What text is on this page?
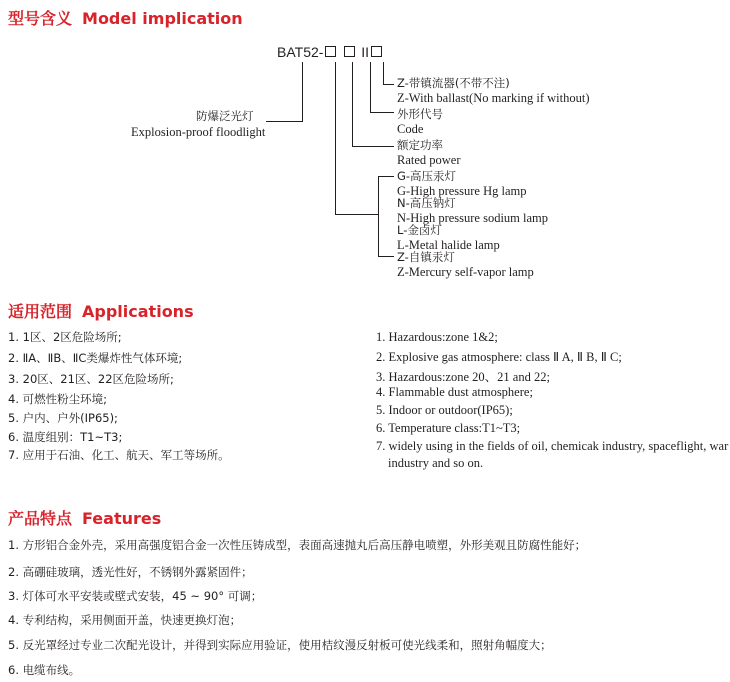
型号含义 Model implication
BAT52-	II
防爆泛光灯
Explosion-proof floodlight
Z-带镇流器(不带不注)
Z-With ballast(No marking if without)
外形代号
Code
额定功率
Rated power
G-高压汞灯
G-High pressure Hg lamp
N-高压钠灯
N-High pressure sodium lamp
L-金卤灯
L-Metal halide lamp
Z-自镇汞灯
Z-Mercury self-vapor lamp
适用范围 Applications
1. 1区、2区危险场所;
2. ⅡA、ⅡB、ⅡC类爆炸性气体环境;
3. 20区、21区、22区危险场所;
4. 可燃性粉尘环境;
5. 户内、户外(IP65);
6. 温度组别：T1~T3;
7. 应用于石油、化工、航天、军工等场所。
1. Hazardous:zone 1&2;
2. Explosive gas atmosphere: class Ⅱ A, Ⅱ B, Ⅱ C;
3. Hazardous:zone 20、21 and 22;
4. Flammable dust atmosphere;
5. Indoor or outdoor(IP65);
6. Temperature class:T1~T3;
7. widely using in the fields of oil, chemicak industry, spaceflight, war
industry and so on.
产品特点 Features
1. 方形铝合金外壳，采用高强度铝合金一次性压铸成型，表面高速抛丸后高压静电喷塑，外形美观且防腐性能好；
2. 高硼硅玻璃，透光性好，不锈钢外露紧固件；
3. 灯体可水平安装或壁式安装，45 ~ 90° 可调；
4. 专利结构，采用侧面开盖，快速更换灯泡；
5. 反光罩经过专业二次配光设计，并得到实际应用验证，使用桔纹漫反射板可使光线柔和，照射角幅度大；
6. 电缆布线。
